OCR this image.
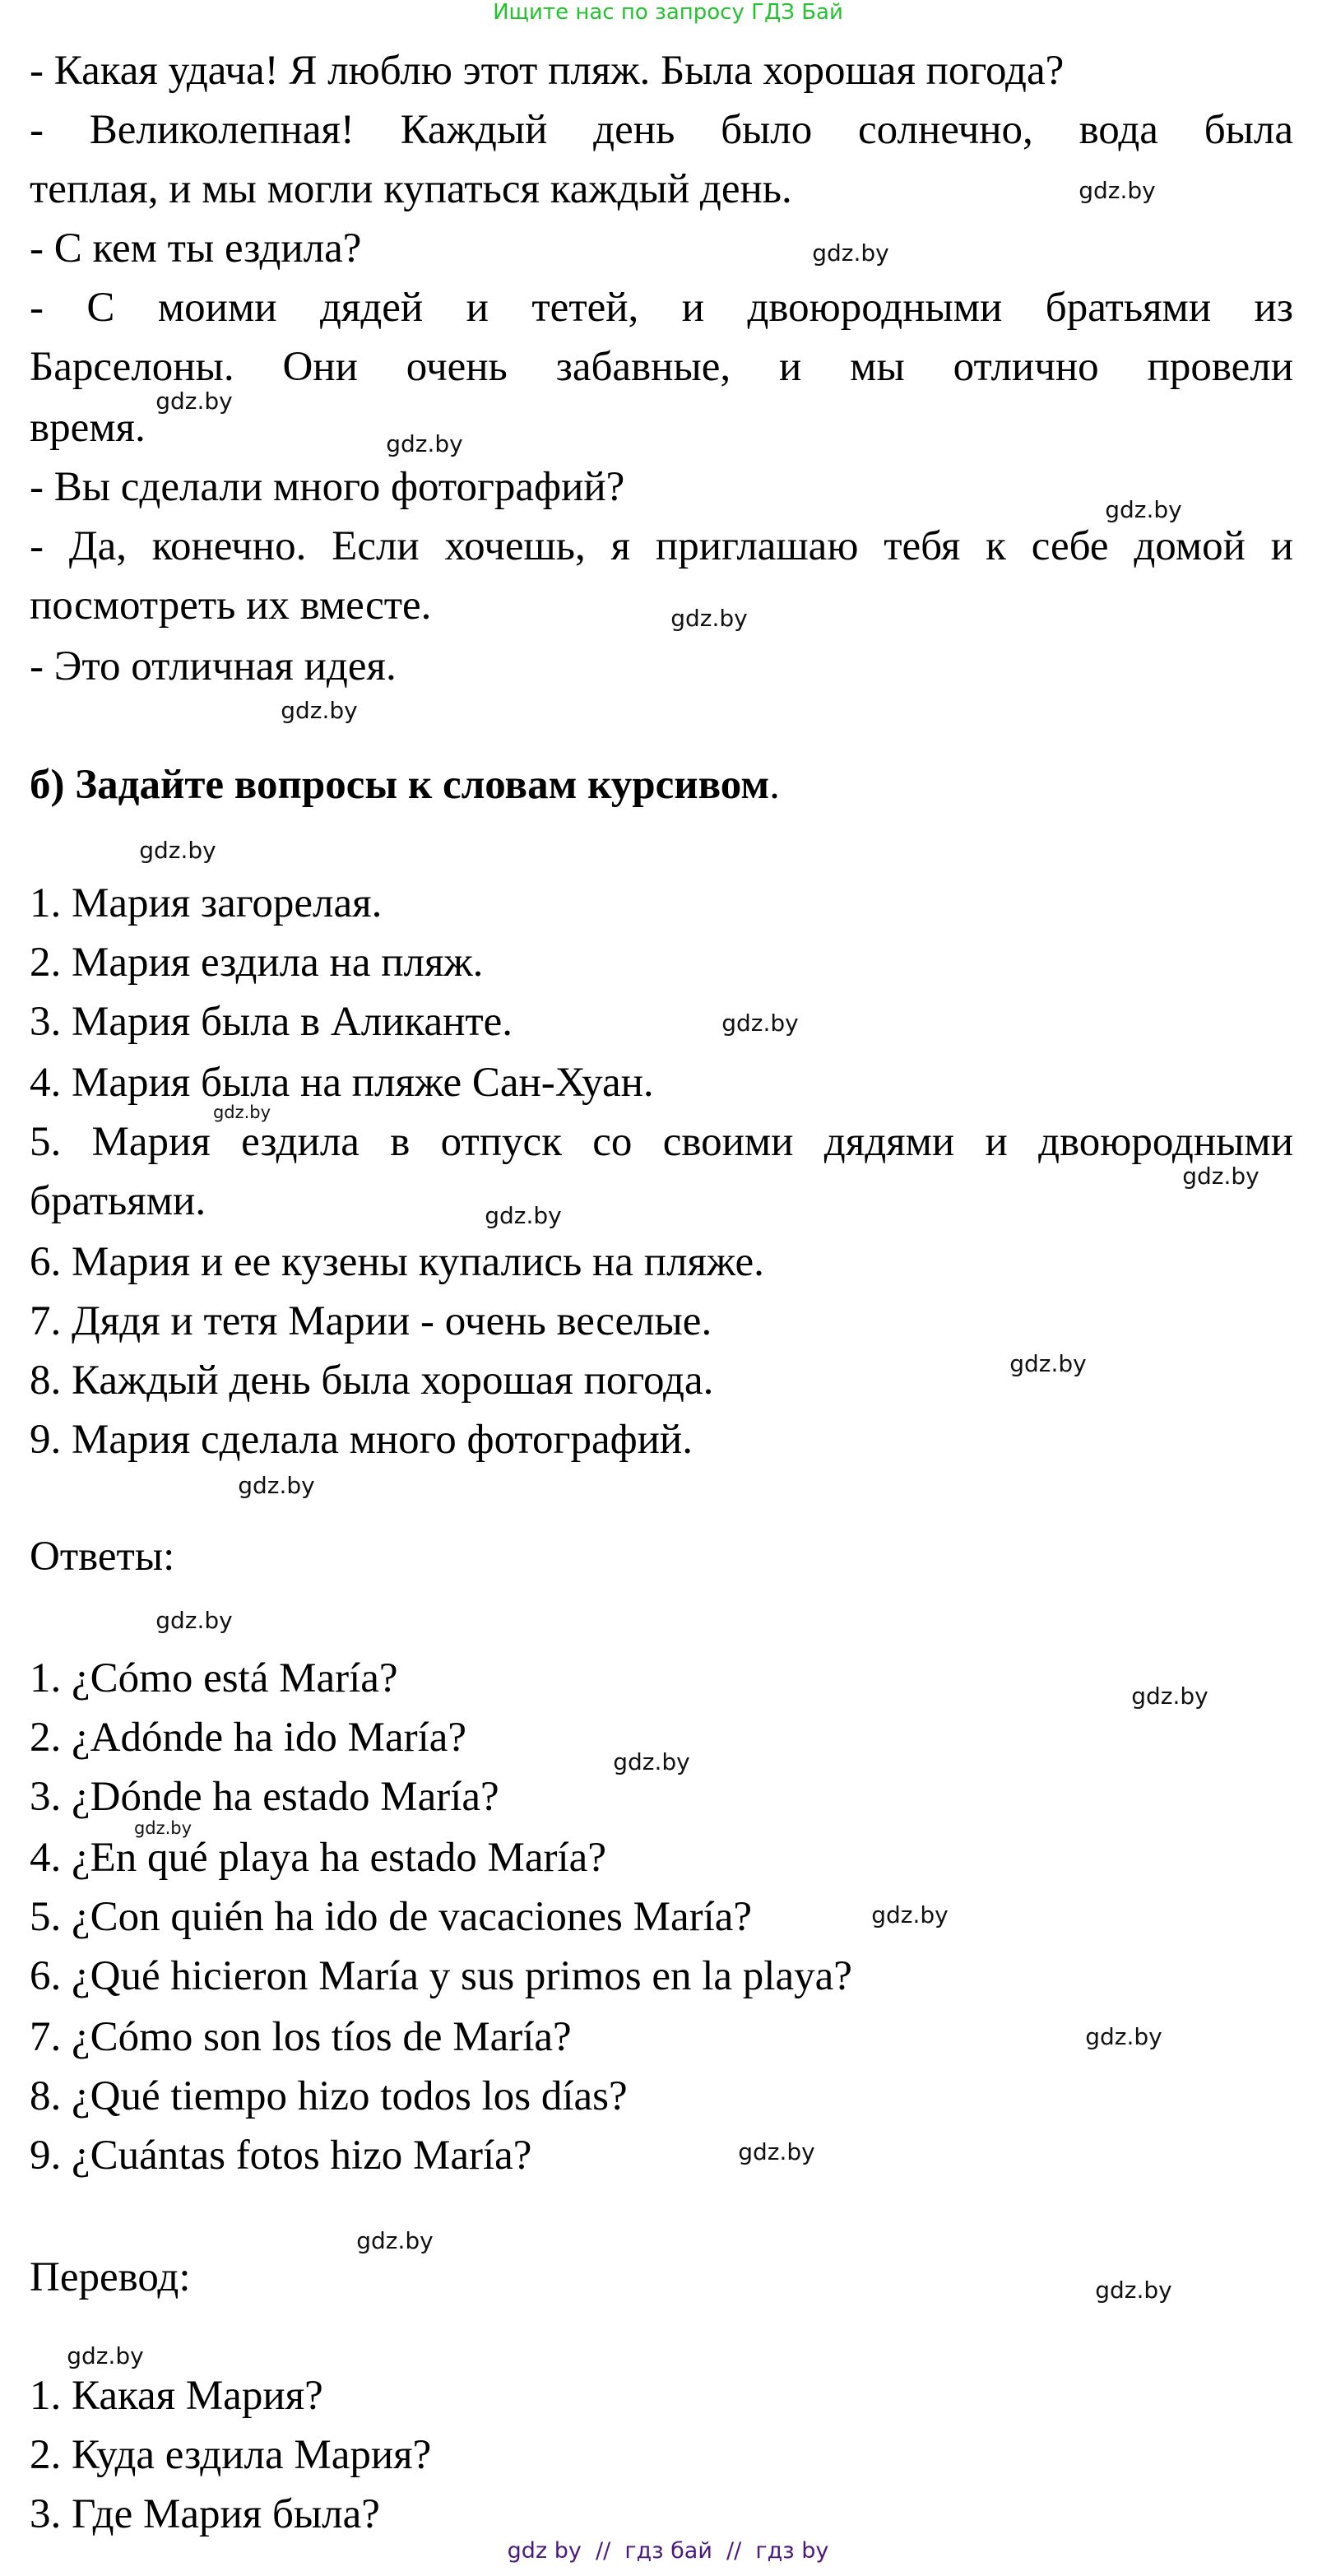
Ищите нас по запросу ГДЗ Бай
- Какая удача! Я люблю этот пляж. Была хорошая погода?
- Великолепная! Каждый день было солнечно, вода была
теплая, и мы могли купаться каждый день.
- С кем ты ездила?
- С моими дядей и тетей, и двоюродными братьями из
Барселоны. Они очень забавные, и мы отлично провели
время.
- Вы сделали много фотографий?
- Да, конечно. Если хочешь, я приглашаю тебя к себе домой и
посмотреть их вместе.
- Это отличная идея.
б) Задайте вопросы к словам курсивом.
1. Мария загорелая.
2. Мария ездила на пляж.
3. Мария была в Аликанте.
4. Мария была на пляже Сан-Хуан.
5. Мария ездила в отпуск со своими дядями и двоюродными
братьями.
6. Мария и ее кузены купались на пляже.
7. Дядя и тетя Марии - очень веселые.
8. Каждый день была хорошая погода.
9. Мария сделала много фотографий.
Ответы:
1. ¿Cómo está María?
2. ¿Adónde ha ido María?
3. ¿Dónde ha estado María?
4. ¿En qué playa ha estado María?
5. ¿Con quién ha ido de vacaciones María?
6. ¿Qué hicieron María y sus primos en la playa?
7. ¿Cómo son los tíos de María?
8. ¿Qué tiempo hizo todos los días?
9. ¿Cuántas fotos hizo María?
Перевод:
1. Какая Мария?
2. Куда ездила Мария?
3. Где Мария была?
gdz.by
gdz.by
gdz.by
gdz.by
gdz.by
gdz.by
gdz.by
gdz.by
gdz.by
gdz.by
gdz.by
gdz.by
gdz.by
gdz.by
gdz.by
gdz.by
gdz.by
gdz.by
gdz.by
gdz.by
gdz.by
gdz.by
gdz.by
gdz.by
gdz by  //  гдз бай  //  гдз by
